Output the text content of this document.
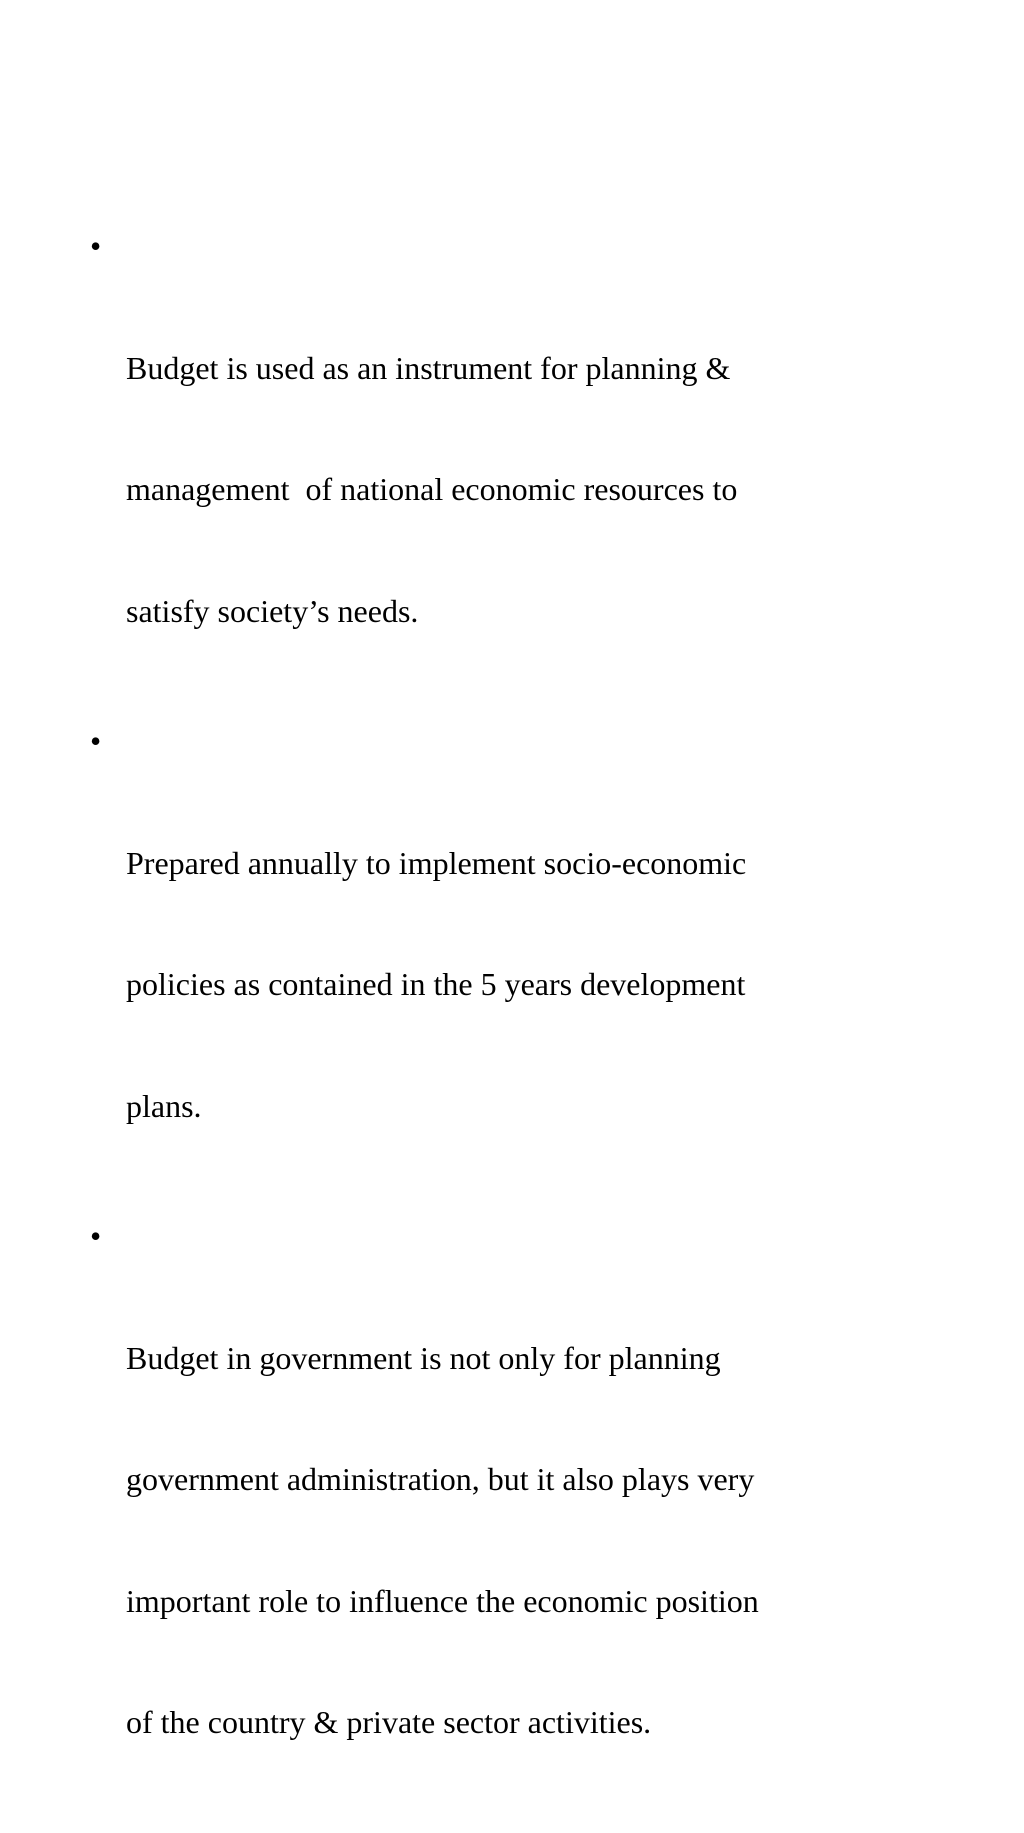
•

Budget is used as an instrument for planning &

management  of national economic resources to

satisfy society’s needs.

•

Prepared annually to implement socio-economic

policies as contained in the 5 years development

plans.

•

Budget in government is not only for planning

government administration, but it also plays very

important role to influence the economic position

of the country & private sector activities.
